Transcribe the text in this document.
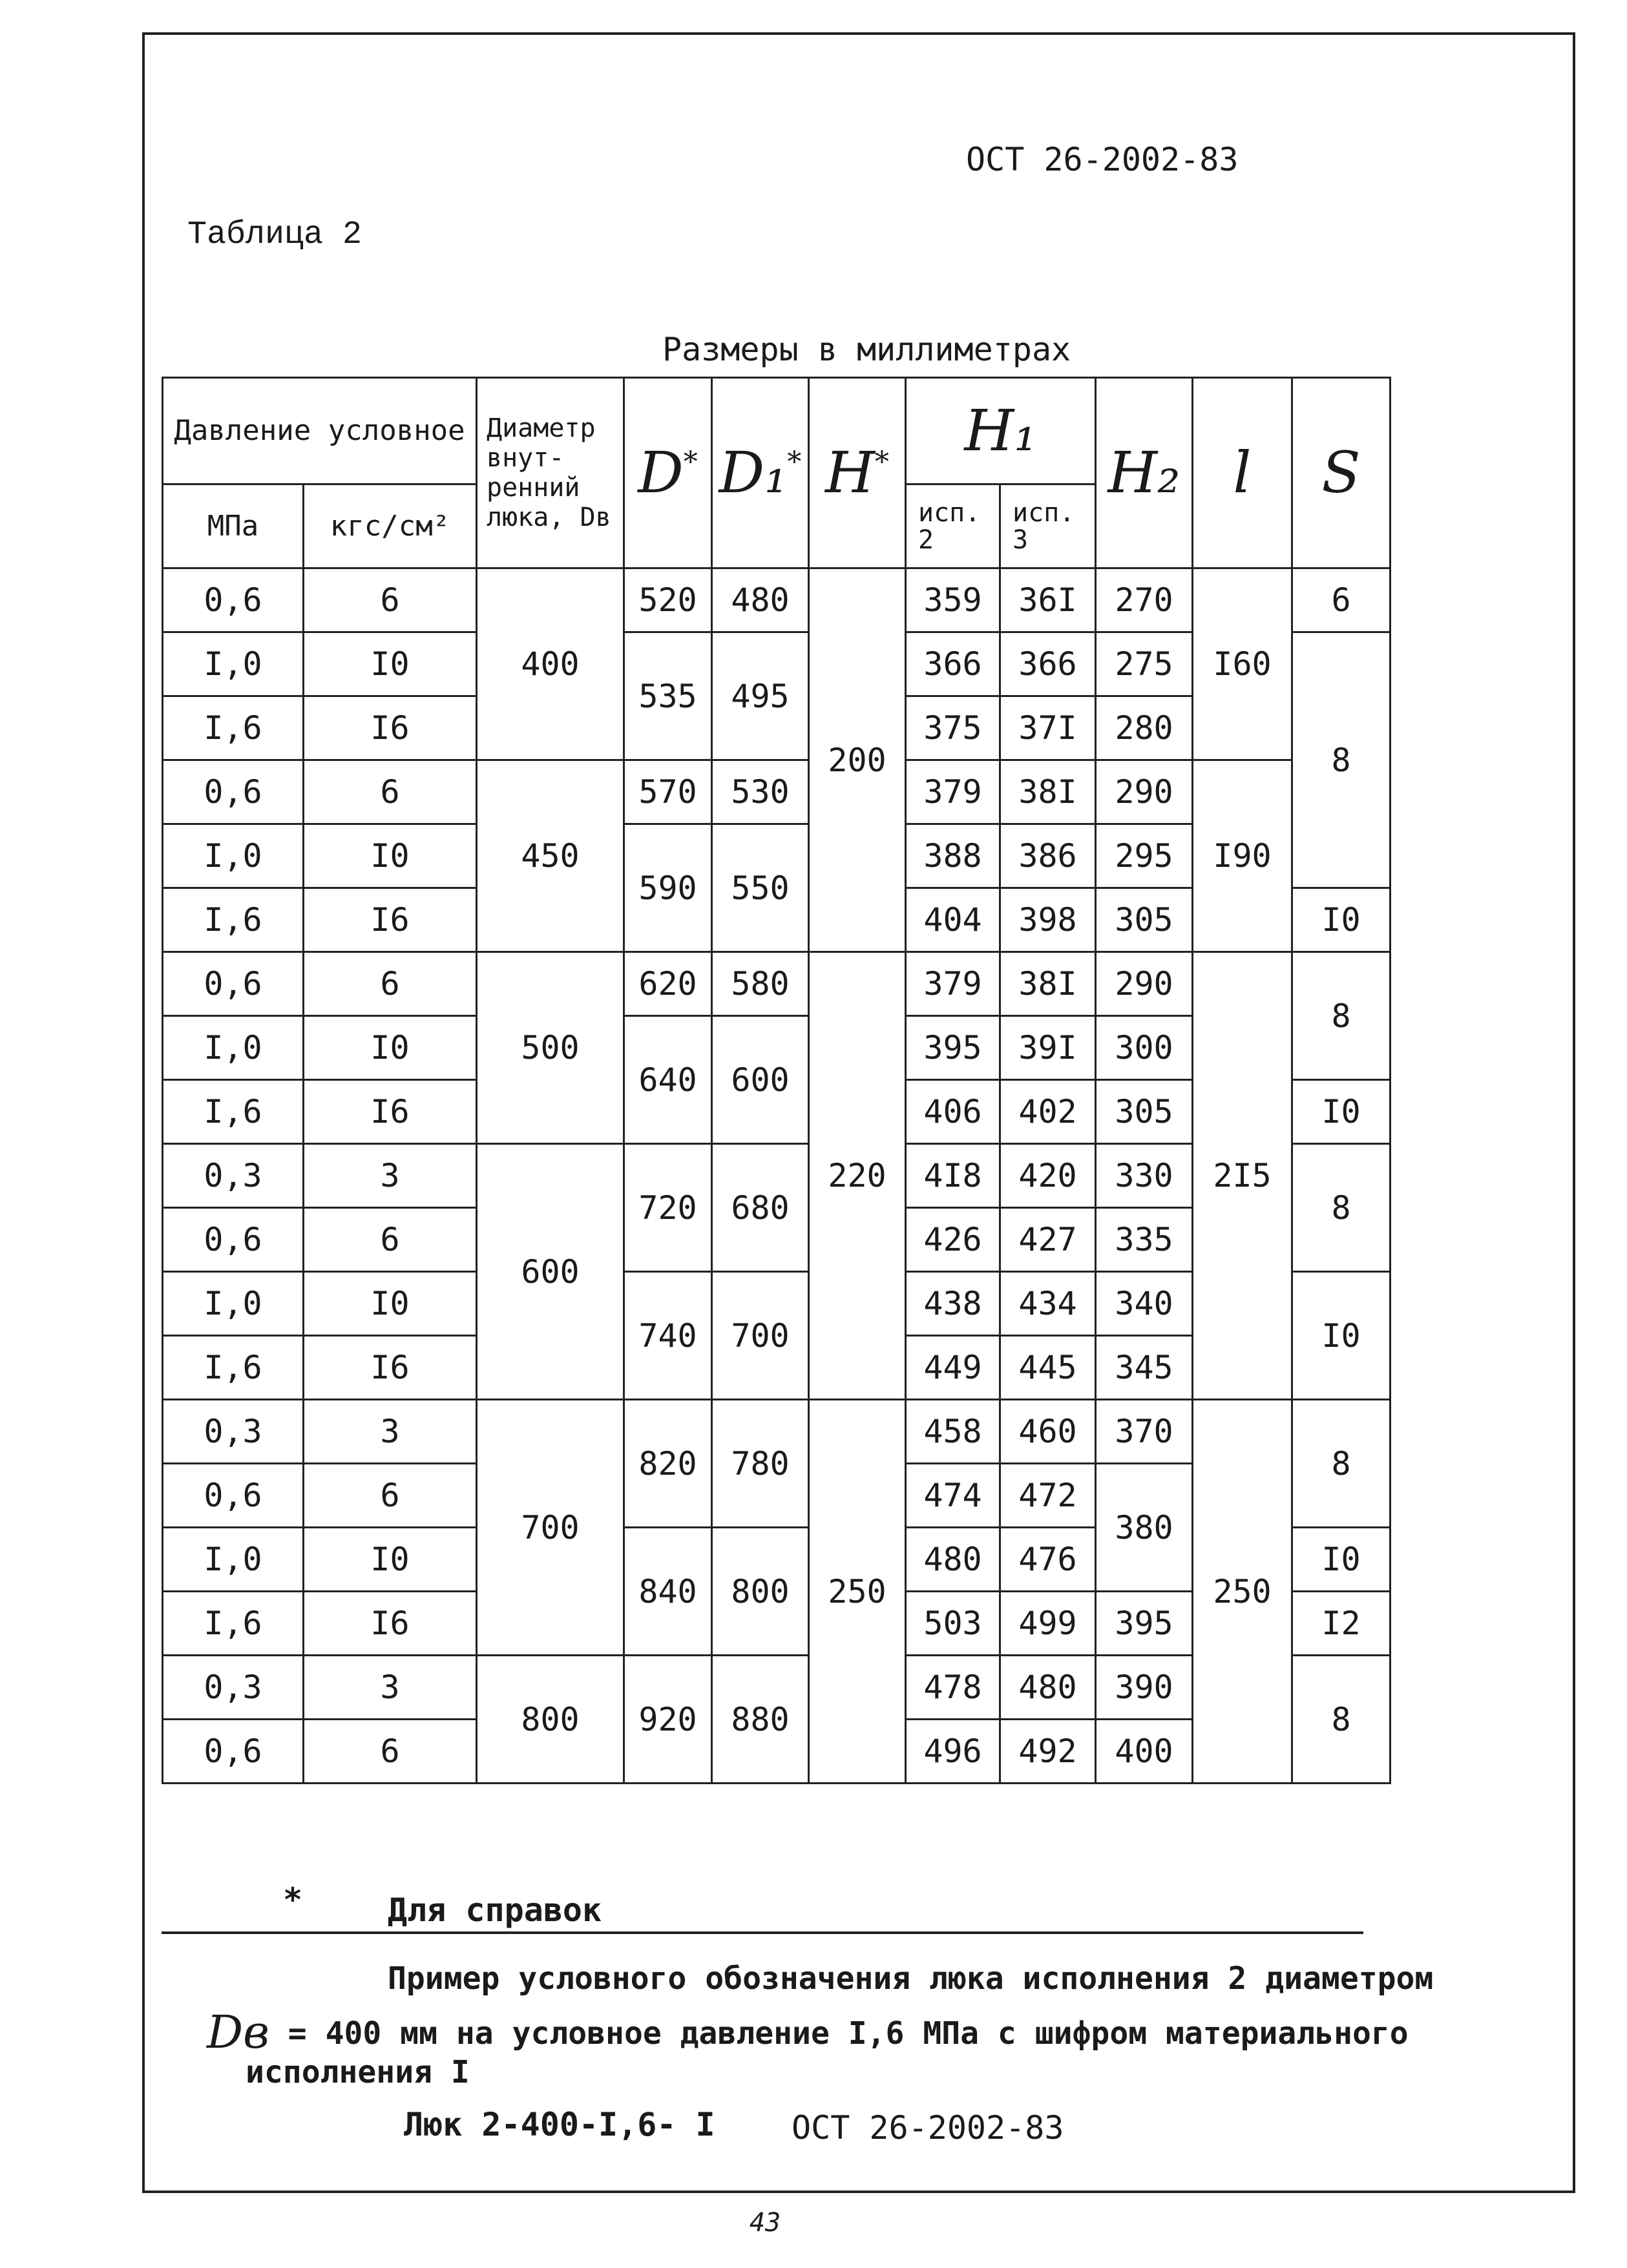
ОСТ 26-2002-83
Таблица 2
Размеры в миллиметрах
Давление условное		Диаметр внут-ренний люка, Dв	D*	D₁*	H*	H₁		H₂	l	S
МПа	кгс/см²					исп. 2	исп. 3			
0,6	6	400	520	480	200	359	36I	270	I60	6
I,0	I0		535	495		366	366	275		8
I,6	I6					375	37I	280		
0,6	6	450	570	530		379	38I	290	I90	
I,0	I0		590	550		388	386	295		
I,6	I6					404	398	305		I0
0,6	6	500	620	580	220	379	38I	290	2I5	8
I,0	I0		640	600		395	39I	300		
I,6	I6					406	402	305		I0
0,3	3	600	720	680		4I8	420	330		8
0,6	6					426	427	335		
I,0	I0		740	700		438	434	340		I0
I,6	I6					449	445	345		
0,3	3	700	820	780	250	458	460	370	250	8
0,6	6					474	472	380		
I,0	I0		840	800		480	476			I0
I,6	I6					503	499	395		I2
0,3	3	800	920	880		478	480	390		8
0,6	6					496	492	400		
*	Для справок
Пример условного обозначения люка исполнения 2 диаметром
Dв = 400 мм на условное давление I,6 МПа с шифром материального
исполнения I
Люк 2-400-I,6- I ОСТ 26-2002-83
43
